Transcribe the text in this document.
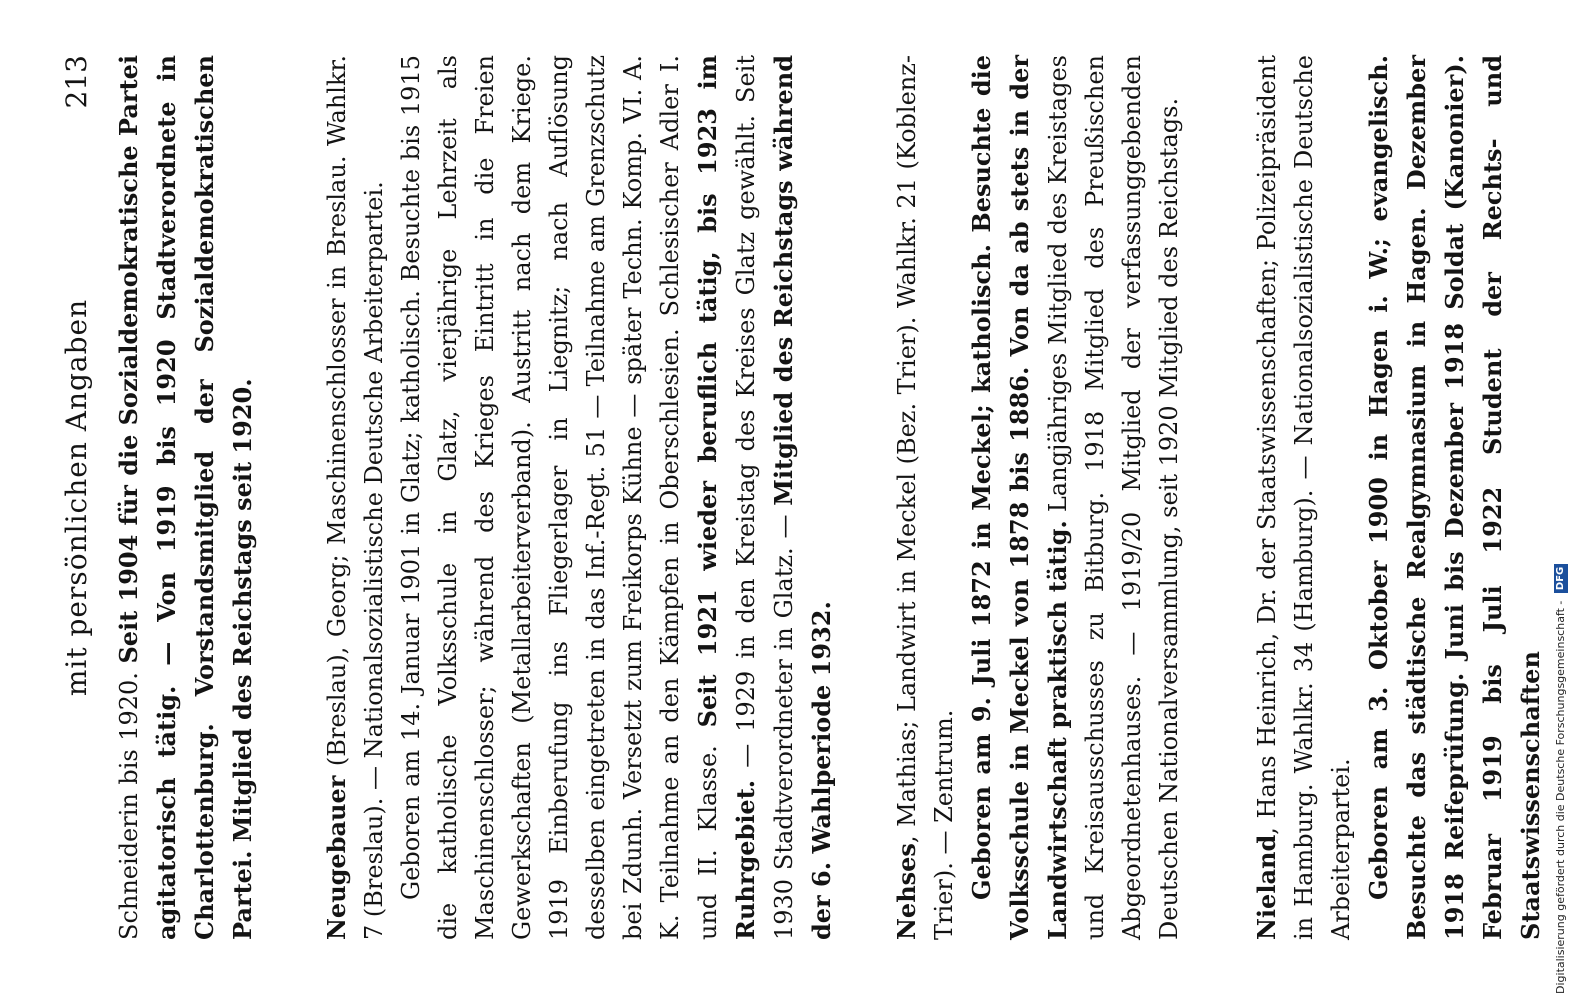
mit persönlichen Angaben
213

Schneiderin bis 1920. Seit 1904 für die Sozialdemokratische Partei agitatorisch tätig. — Von 1919 bis 1920 Stadtverordnete in Charlottenburg. Vorstandsmitglied der Sozialdemokratischen Partei. Mitglied des Reichstags seit 1920.	Neugebauer (Breslau), Georg; Maschinenschlosser in Breslau. Wahlkr. 7 (Breslau). — Nationalsozialistische Deutsche Arbeiterpartei. Geboren am 14. Januar 1901 in Glatz; katholisch. Besuchte bis 1915 die katholische Volksschule in Glatz, vierjährige Lehrzeit als Maschinenschlosser; während des Krieges Eintritt in die Freien Gewerkschaften (Metallarbeiterverband). Austritt nach dem Kriege. 1919 Einberufung ins Fliegerlager in Liegnitz; nach Auflösung desselben eingetreten in das Inf.-Regt. 51 — Teilnahme am Grenzschutz bei Zdunh. Versetzt zum Freikorps Kühne — später Techn. Komp. VI. A. K. Teilnahme an den Kämpfen in Oberschlesien. Schlesischer Adler I. und II. Klasse. Seit 1921 wieder beruflich tätig, bis 1923 im Ruhrgebiet. — 1929 in den Kreistag des Kreises Glatz gewählt. Seit 1930 Stadtverordneter in Glatz. — Mitglied des Reichstags während der 6. Wahlperiode 1932. Nehses, Mathias; Landwirt in Meckel (Bez. Trier). Wahlkr. 21 (Koblenz-Trier). — Zentrum. Geboren am 9. Juli 1872 in Meckel; katholisch. Besuchte die Volksschule in Meckel von 1878 bis 1886. Von da ab stets in der Landwirtschaft praktisch tätig. Langjähriges Mitglied des Kreistages und Kreisausschusses zu Bitburg. 1918 Mitglied des Preußischen Abgeordnetenhauses. — 1919/20 Mitglied der verfassunggebenden Deutschen Nationalversammlung, seit 1920 Mitglied des Reichstags.	Nieland, Hans Heinrich, Dr. der Staatswissenschaften; Polizeipräsident in Hamburg. Wahlkr. 34 (Hamburg). — Nationalsozialistische Deutsche Arbeiterpartei. Geboren am 3. Oktober 1900 in Hagen i. W.; evangelisch. Besuchte das städtische Realgymnasium in Hagen. Dezember 1918 Reifeprüfung. Juni bis Dezember 1918 Soldat (Kanonier). Februar 1919 bis Juli 1922 Student der Rechts- und Staatswissenschaften Digitalisierung gefördert durch die Deutsche Forschungsgemeinschaft - DFG
